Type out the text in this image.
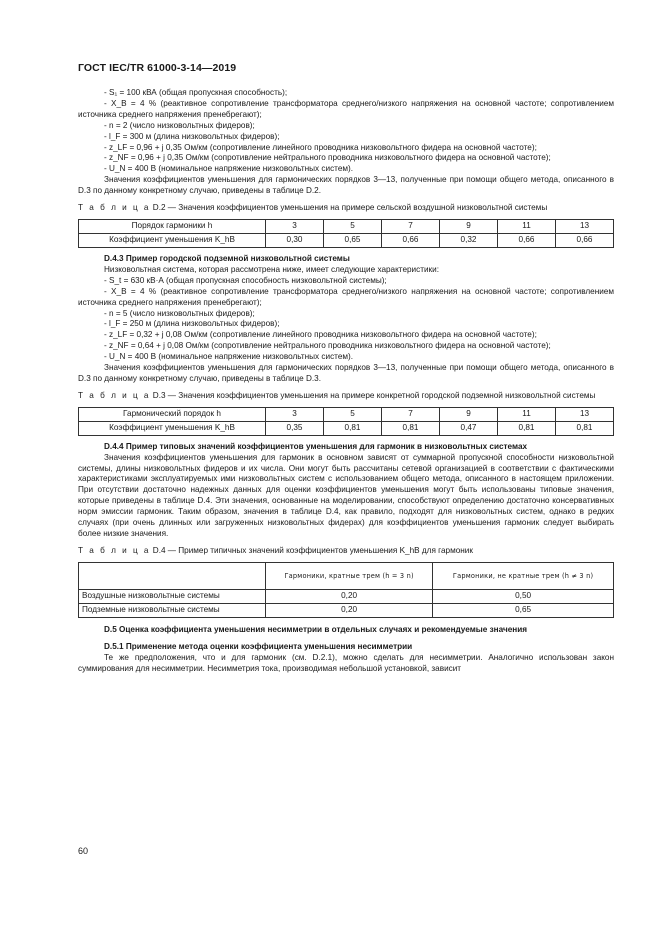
ГОСТ IEC/TR 61000-3-14—2019

- S₁ = 100 кВА (общая пропускная способность);

- X_B = 4 % (реактивное сопротивление трансформатора среднего/низкого напряжения на основной частоте; сопротивлением источника среднего напряжения пренебрегают);

- n = 2 (число низковольтных фидеров);

- l_F = 300 м (длина низковольтных фидеров);

- z_LF = 0,96 + j 0,35 Ом/км (сопротивление линейного проводника низковольтного фидера на основной частоте);

- z_NF = 0,96 + j 0,35 Ом/км (сопротивление нейтрального проводника низковольтного фидера на основной частоте);

- U_N = 400 В (номинальное напряжение низковольтных систем).

Значения коэффициентов уменьшения для гармонических порядков 3—13, полученные при помощи общего метода, описанного в D.3 по данному конкретному случаю, приведены в таблице D.2.

Т а б л и ц а D.2 — Значения коэффициентов уменьшения на примере сельской воздушной низковольтной системы

Порядок гармоники h	3	5	7	9	11	13
Коэффициент уменьшения K_hB	0,30	0,65	0,66	0,32	0,66	0,66

D.4.3 Пример городской подземной низковольтной системы

Низковольтная система, которая рассмотрена ниже, имеет следующие характеристики:

- S_t = 630 кВ·А (общая пропускная способность низковольтной системы);

- X_B = 4 % (реактивное сопротивление трансформатора среднего/низкого напряжения на основной частоте; сопротивлением источника среднего напряжения пренебрегают);

- n = 5 (число низковольтных фидеров);

- l_F = 250 м (длина низковольтных фидеров);

- z_LF = 0,32 + j 0,08 Ом/км (сопротивление линейного проводника низковольтного фидера на основной частоте);

- z_NF = 0,64 + j 0,08 Ом/км (сопротивление нейтрального проводника низковольтного фидера на основной частоте);

- U_N = 400 В (номинальное напряжение низковольтных систем).

Значения коэффициентов уменьшения для гармонических порядков 3—13, полученные при помощи общего метода, описанного в D.3 по данному конкретному случаю, приведены в таблице D.3.

Т а б л и ц а D.3 — Значения коэффициентов уменьшения на примере конкретной городской подземной низковольтной системы

Гармонический порядок h	3	5	7	9	11	13
Коэффициент уменьшения K_hB	0,35	0,81	0,81	0,47	0,81	0,81

D.4.4 Пример типовых значений коэффициентов уменьшения для гармоник в низковольтных системах

Значения коэффициентов уменьшения для гармоник в основном зависят от суммарной пропускной способности низковольтной системы, длины низковольтных фидеров и их числа. Они могут быть рассчитаны сетевой организацией в соответствии с фактическими характеристиками эксплуатируемых ими низковольтных систем с использованием общего метода, описанного в настоящем приложении. При отсутствии достаточно надежных данных для оценки коэффициентов уменьшения могут быть использованы типовые значения, которые приведены в таблице D.4. Эти значения, основанные на моделировании, способствуют определению достаточно консервативных норм эмиссии гармоник. Таким образом, значения в таблице D.4, как правило, подходят для низковольтных систем, однако в редких случаях (при очень длинных или загруженных низковольтных фидерах) для коэффициентов уменьшения гармоник следует выбирать более низкие значения.

Т а б л и ц а D.4 — Пример типичных значений коэффициентов уменьшения K_hB для гармоник

	Гармоники, кратные трем (h = 3 n)	Гармоники, не кратные трем (h ≠ 3 n)
Воздушные низковольтные системы	0,20	0,50
Подземные низковольтные системы	0,20	0,65

D.5 Оценка коэффициента уменьшения несимметрии в отдельных случаях и рекомендуемые значения

D.5.1 Применение метода оценки коэффициента уменьшения несимметрии

Те же предположения, что и для гармоник (см. D.2.1), можно сделать для несимметрии. Аналогично использован закон суммирования для несимметрии. Несимметрия тока, производимая небольшой установкой, зависит

60
